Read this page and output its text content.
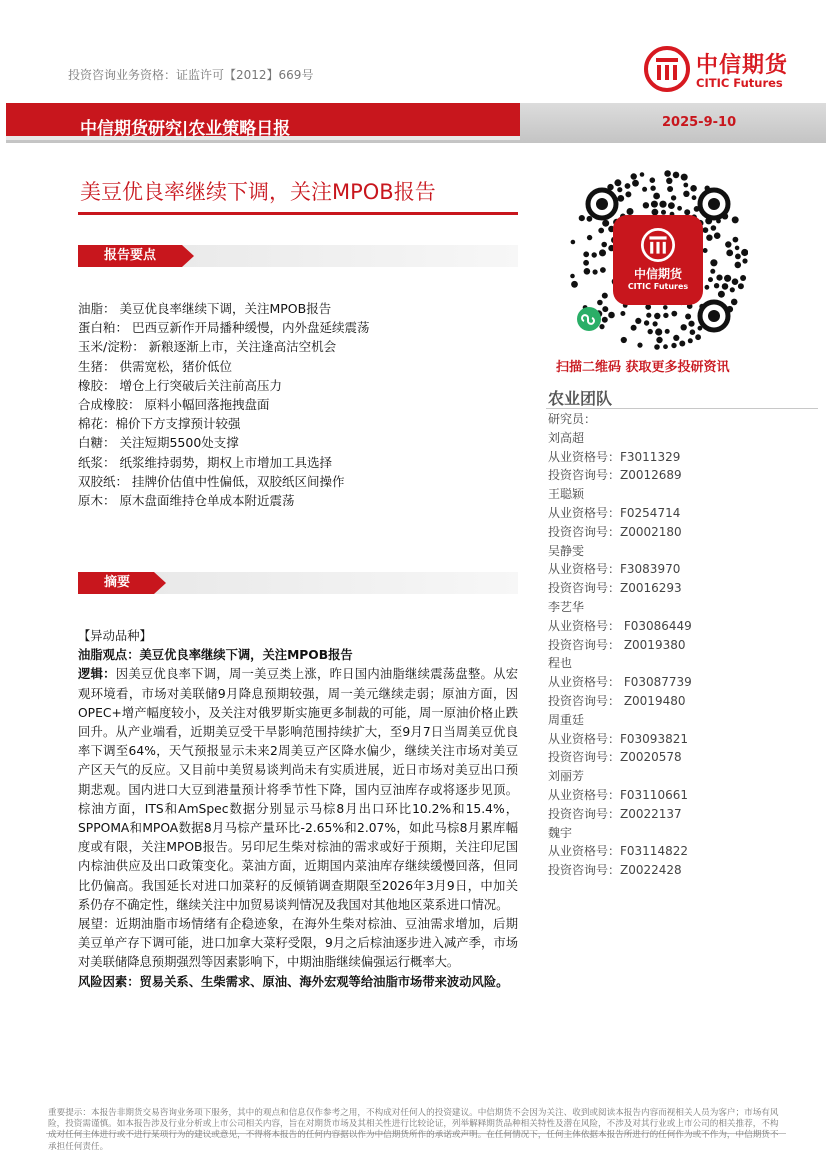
投资咨询业务资格：证监许可【2012】669号	中信期货
CITIC Futures
中信期货研究|农业策略日报	2025-9-10
美豆优良率继续下调，关注MPOB报告
报告要点
油脂： 美豆优良率继续下调，关注MPOB报告
蛋白粕： 巴西豆新作开局播种缓慢，内外盘延续震荡
玉米/淀粉： 新粮逐渐上市，关注逢高沽空机会
生猪： 供需宽松，猪价低位
橡胶： 增仓上行突破后关注前高压力
合成橡胶： 原料小幅回落拖拽盘面
棉花：棉价下方支撑预计较强
白糖： 关注短期5500处支撑
纸浆： 纸浆维持弱势，期权上市增加工具选择
双胶纸： 挂牌价估值中性偏低，双胶纸区间操作
原木： 原木盘面维持仓单成本附近震荡
摘要
【异动品种】
油脂观点：美豆优良率继续下调，关注MPOB报告
逻辑：因美豆优良率下调，周一美豆类上涨，昨日国内油脂继续震荡盘整。从宏观环境看，市场对美联储9月降息预期较强，周一美元继续走弱；原油方面，因OPEC+增产幅度较小，及关注对俄罗斯实施更多制裁的可能，周一原油价格止跌回升。从产业端看，近期美豆受干旱影响范围持续扩大，至9月7日当周美豆优良率下调至64%，天气预报显示未来2周美豆产区降水偏少，继续关注市场对美豆产区天气的反应。又目前中美贸易谈判尚未有实质进展，近日市场对美豆出口预期悲观。国内进口大豆到港量预计将季节性下降，国内豆油库存或将逐步见顶。棕油方面，ITS和AmSpec数据分别显示马棕8月出口环比10.2%和15.4%，SPPOMA和MPOA数据8月马棕产量环比-2.65%和2.07%，如此马棕8月累库幅度或有限，关注MPOB报告。另印尼生柴对棕油的需求或好于预期，关注印尼国内棕油供应及出口政策变化。菜油方面，近期国内菜油库存继续缓慢回落，但同比仍偏高。我国延长对进口加菜籽的反倾销调查期限至2026年3月9日，中加关系仍存不确定性，继续关注中加贸易谈判情况及我国对其他地区菜系进口情况。
展望：近期油脂市场情绪有企稳迹象，在海外生柴对棕油、豆油需求增加，后期美豆单产存下调可能，进口加拿大菜籽受限，9月之后棕油逐步进入减产季，市场对美联储降息预期强烈等因素影响下，中期油脂继续偏强运行概率大。
风险因素：贸易关系、生柴需求、原油、海外宏观等给油脂市场带来波动风险。
中信期货
CITIC Futures
扫描二维码 获取更多投研资讯
农业团队
研究员：
刘高超
从业资格号：F3011329
投资咨询号：Z0012689
王聪颖
从业资格号：F0254714
投资咨询号：Z0002180
吴静雯
从业资格号：F3083970
投资咨询号：Z0016293
李艺华
从业资格号： F03086449
投资咨询号： Z0019380
程也
从业资格号： F03087739
投资咨询号： Z0019480
周重廷
从业资格号：F03093821
投资咨询号：Z0020578
刘丽芳
从业资格号：F03110661
投资咨询号：Z0022137
魏宇
从业资格号：F03114822
投资咨询号：Z0022428
重要提示：本报告非期货交易咨询业务项下服务，其中的观点和信息仅作参考之用，不构成对任何人的投资建议。中信期货不会因为关注、收到或阅读本报告内容而视相关人员为客户；市场有风险，投资需谨慎。如本报告涉及行业分析或上市公司相关内容，旨在对期货市场及其相关性进行比较论证，列举解释期货品种相关特性及潜在风险，不涉及对其行业或上市公司的相关推荐，不构成对任何主体进行或不进行某项行为的建议或意见，不得将本报告的任何内容据以作为中信期货所作的承诺或声明。在任何情况下，任何主体依据本报告所进行的任何作为或不作为，中信期货不承担任何责任。
